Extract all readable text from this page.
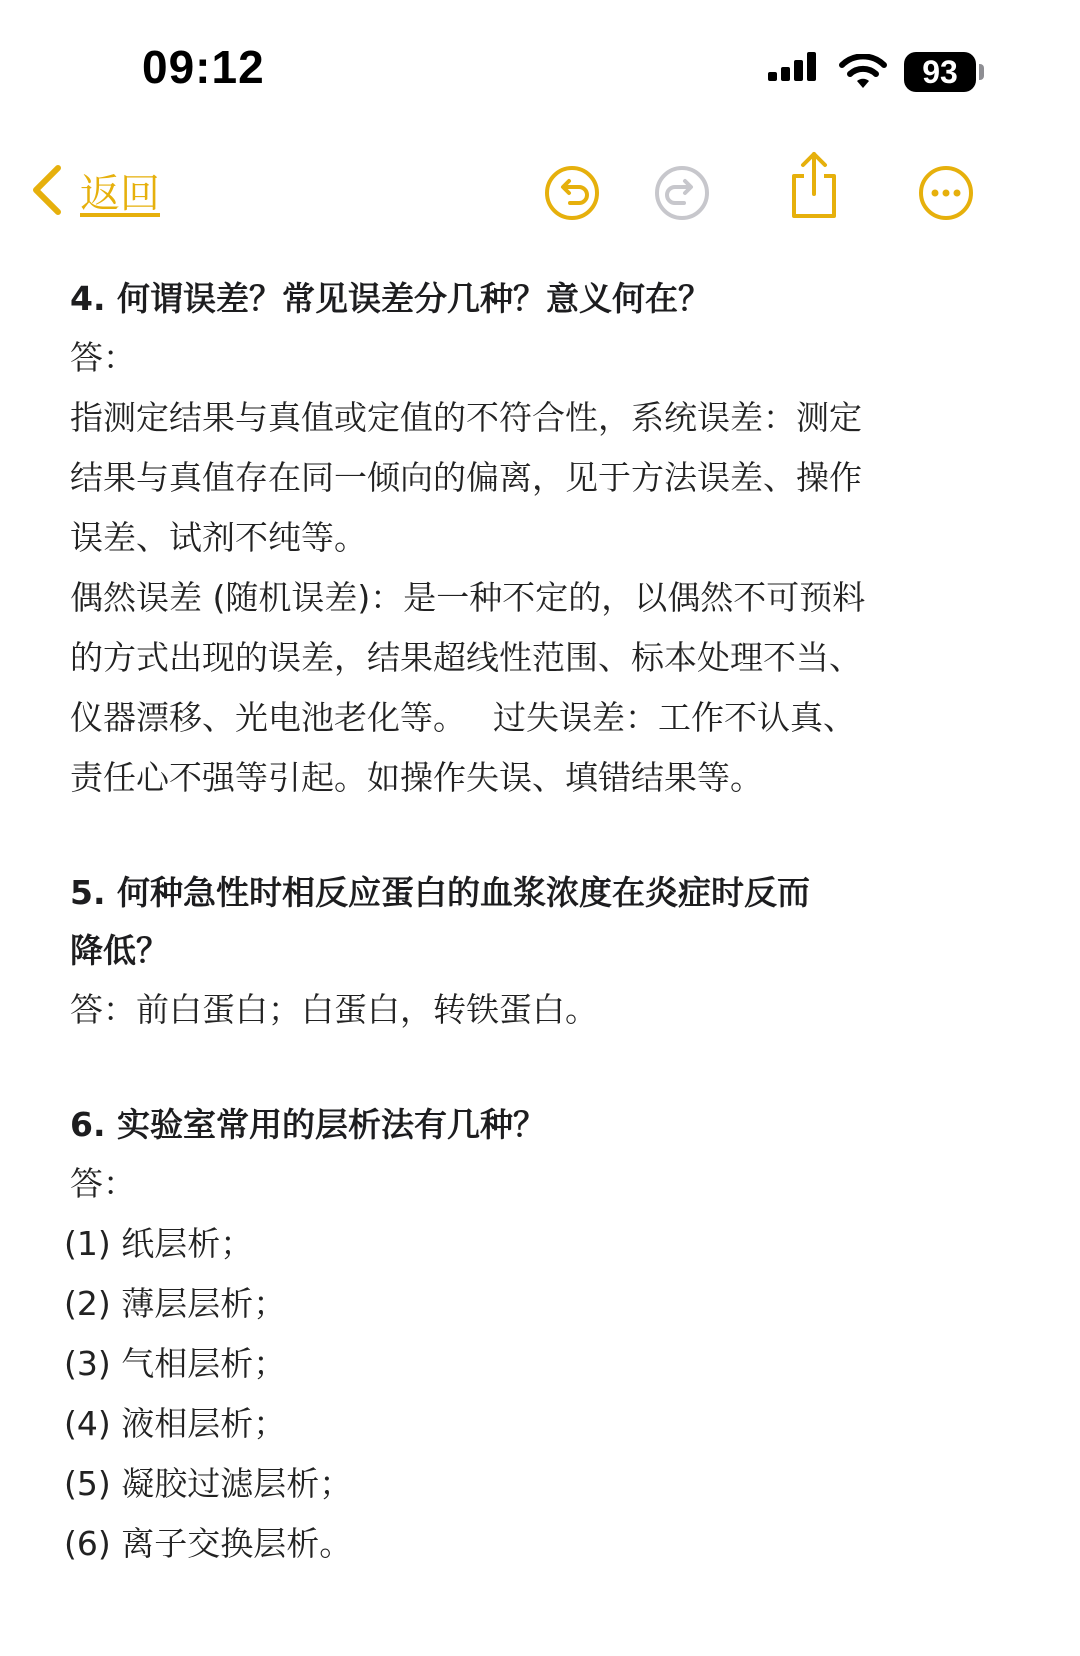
09:12	93
返回

4. 何谓误差？常见误差分几种？意义何在？

答：

指测定结果与真值或定值的不符合性，系统误差：测定

结果与真值存在同一倾向的偏离，见于方法误差、操作

误差、试剂不纯等。

偶然误差 (随机误差)：是一种不定的，以偶然不可预料

的方式出现的误差，结果超线性范围、标本处理不当、

仪器漂移、光电池老化等。　 过失误差：工作不认真、

责任心不强等引起。如操作失误、填错结果等。

5. 何种急性时相反应蛋白的血浆浓度在炎症时反而

降低？

答：前白蛋白；白蛋白，转铁蛋白。

6. 实验室常用的层析法有几种？

答：

(1) 纸层析；

(2) 薄层层析；

(3) 气相层析；

(4) 液相层析；

(5) 凝胶过滤层析；

(6) 离子交换层析。
